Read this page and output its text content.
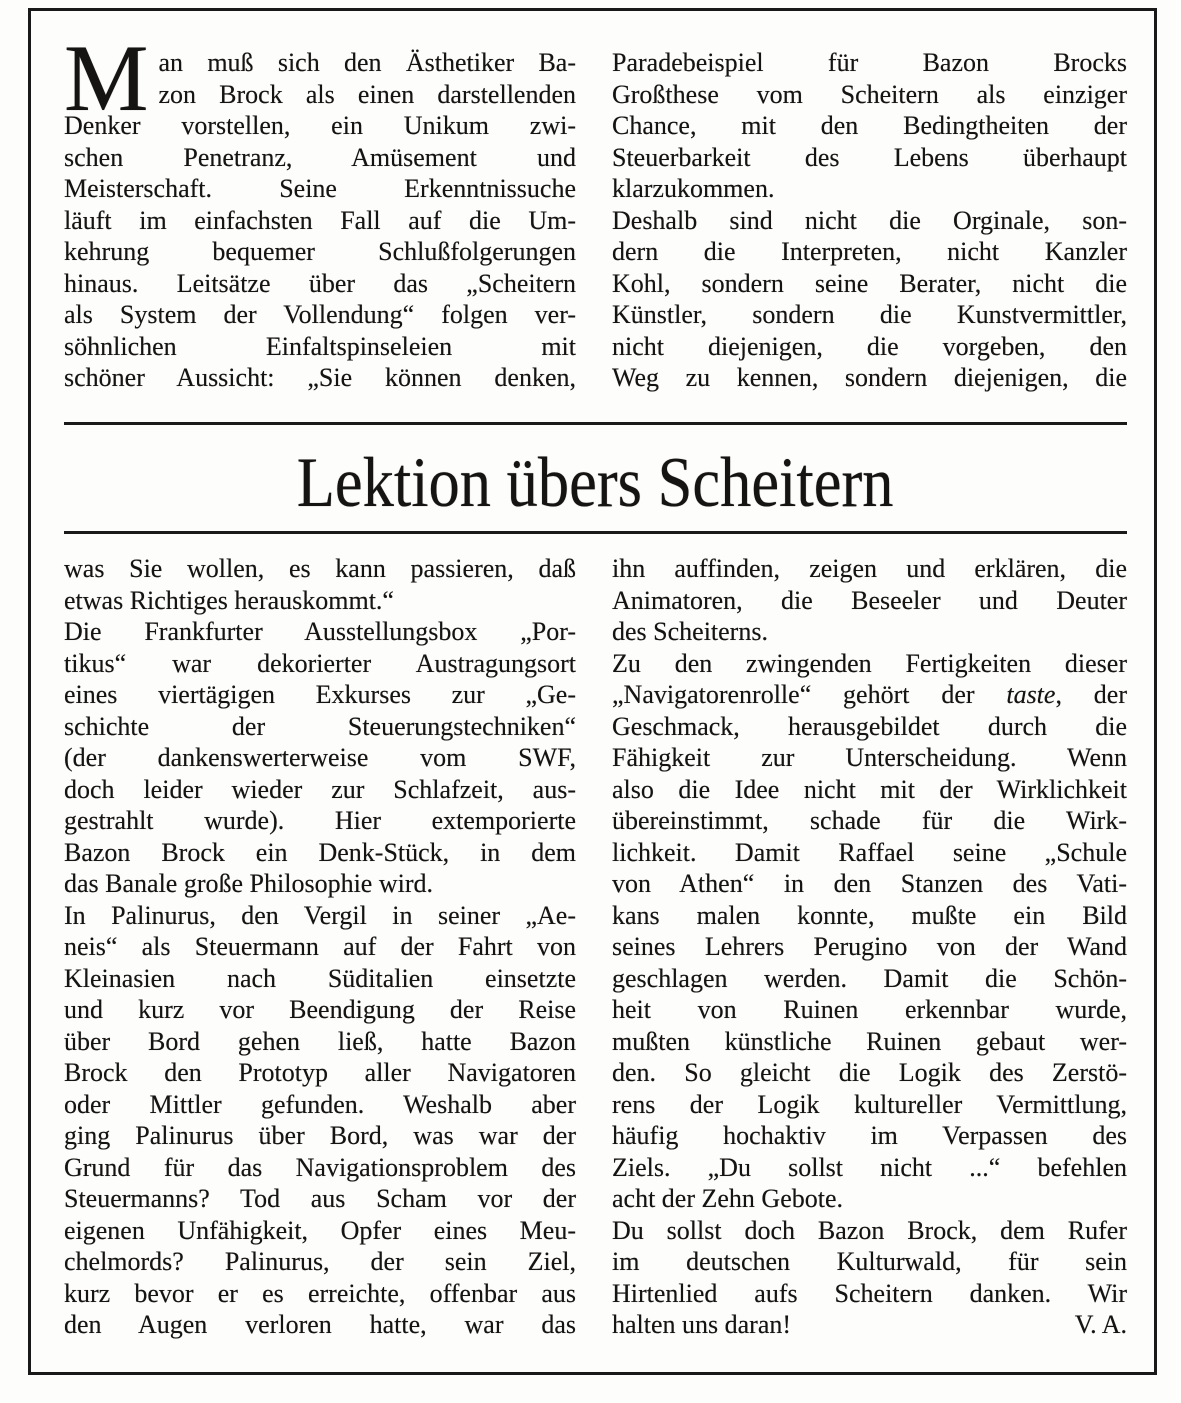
M an muß sich den Ästhetiker Ba-
zon Brock als einen darstellenden
Denker vorstellen, ein Unikum zwi-
schen Penetranz, Amüsement und
Meisterschaft. Seine Erkenntnissuche
läuft im einfachsten Fall auf die Um-
kehrung bequemer Schlußfolgerungen
hinaus. Leitsätze über das „Scheitern
als System der Vollendung“ folgen ver-
söhnlichen Einfaltspinseleien mit
schöner Aussicht: „Sie können denken,
Paradebeispiel für Bazon Brocks
Großthese vom Scheitern als einziger
Chance, mit den Bedingtheiten der
Steuerbarkeit des Lebens überhaupt
klarzukommen.
Deshalb sind nicht die Orginale, son-
dern die Interpreten, nicht Kanzler
Kohl, sondern seine Berater, nicht die
Künstler, sondern die Kunstvermittler,
nicht diejenigen, die vorgeben, den
Weg zu kennen, sondern diejenigen, die
Lektion übers Scheitern
was Sie wollen, es kann passieren, daß
etwas Richtiges herauskommt.“
Die Frankfurter Ausstellungsbox „Por-
tikus“ war dekorierter Austragungsort
eines viertägigen Exkurses zur „Ge-
schichte der Steuerungstechniken“
(der dankenswerterweise vom SWF,
doch leider wieder zur Schlafzeit, aus-
gestrahlt wurde). Hier extemporierte
Bazon Brock ein Denk-Stück, in dem
das Banale große Philosophie wird.
In Palinurus, den Vergil in seiner „Ae-
neis“ als Steuermann auf der Fahrt von
Kleinasien nach Süditalien einsetzte
und kurz vor Beendigung der Reise
über Bord gehen ließ, hatte Bazon
Brock den Prototyp aller Navigatoren
oder Mittler gefunden. Weshalb aber
ging Palinurus über Bord, was war der
Grund für das Navigationsproblem des
Steuermanns? Tod aus Scham vor der
eigenen Unfähigkeit, Opfer eines Meu-
chelmords? Palinurus, der sein Ziel,
kurz bevor er es erreichte, offenbar aus
den Augen verloren hatte, war das
ihn auffinden, zeigen und erklären, die
Animatoren, die Beseeler und Deuter
des Scheiterns.
Zu den zwingenden Fertigkeiten dieser
„Navigatorenrolle“ gehört der taste, der
Geschmack, herausgebildet durch die
Fähigkeit zur Unterscheidung. Wenn
also die Idee nicht mit der Wirklichkeit
übereinstimmt, schade für die Wirk-
lichkeit. Damit Raffael seine „Schule
von Athen“ in den Stanzen des Vati-
kans malen konnte, mußte ein Bild
seines Lehrers Perugino von der Wand
geschlagen werden. Damit die Schön-
heit von Ruinen erkennbar wurde,
mußten künstliche Ruinen gebaut wer-
den. So gleicht die Logik des Zerstö-
rens der Logik kultureller Vermittlung,
häufig hochaktiv im Verpassen des
Ziels. „Du sollst nicht ...“ befehlen
acht der Zehn Gebote.
Du sollst doch Bazon Brock, dem Rufer
im deutschen Kulturwald, für sein
Hirtenlied aufs Scheitern danken. Wir
halten uns daran!	V. A.
